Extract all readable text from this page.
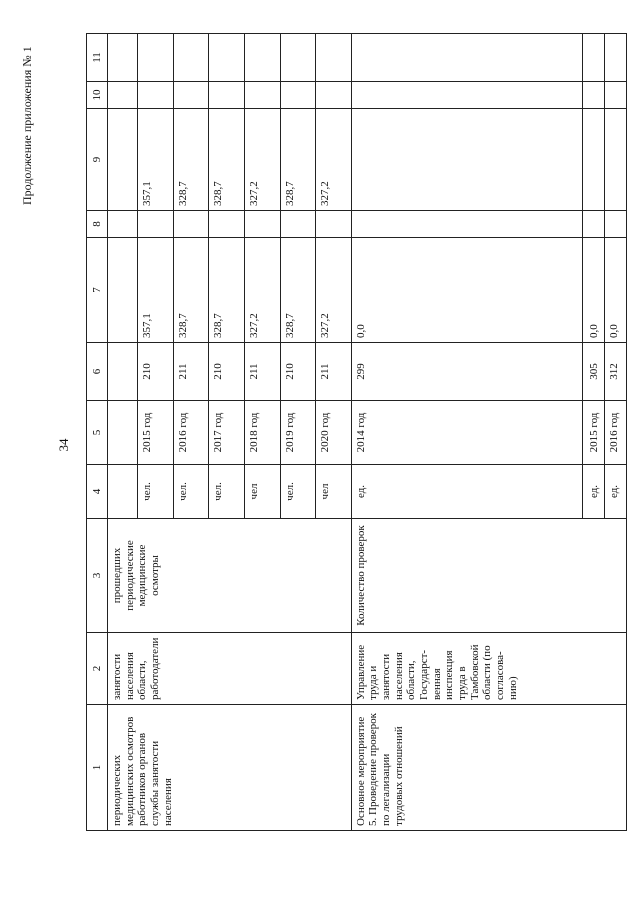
Продолжение приложения № 1
34
1	2	3	4	5	6	7	8	9	10	11
периодических медицинских осмотров работников органов службы занятости населения	занятости населения области, работодатели	прошедших периодические медицинские осмотры								
			чел.	2015 год	210	357,1		357,1		
			чел.	2016 год	211	328,7		328,7		
			чел.	2017 год	210	328,7		328,7		
			чел	2018 год	211	327,2		327,2		
			чел.	2019 год	210	328,7		328,7		
			чел	2020 год	211	327,2		327,2		
Основное мероприятие 5. Проведение проверок по легализации трудовых отношений	Управление труда и занятости населения области, Государст-венная инспекция труда в Тамбовской области (по согласова-нию)	Количество проверок	ед.	2014 год	299	0,0				
			ед.	2015 год	305	0,0				
			ед.	2016 год	312	0,0				
